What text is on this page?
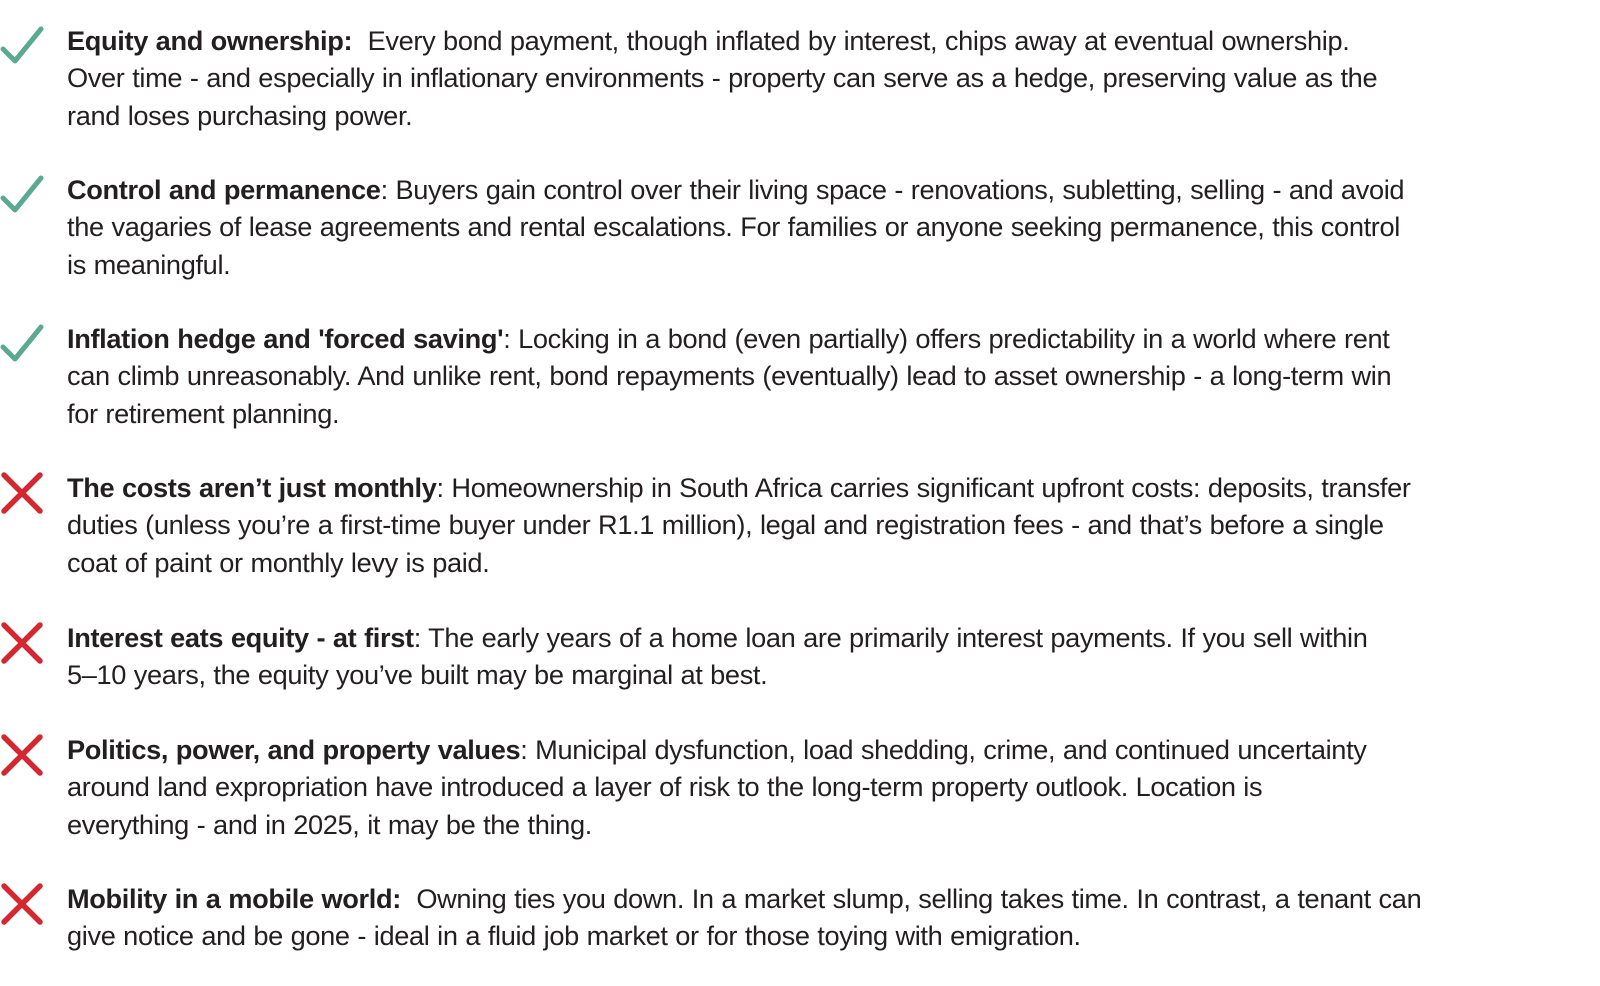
Equity and ownership: Every bond payment, though inflated by interest, chips away at eventual ownership.
Over time - and especially in inflationary environments - property can serve as a hedge, preserving value as the
rand loses purchasing power.
Control and permanence: Buyers gain control over their living space - renovations, subletting, selling - and avoid
the vagaries of lease agreements and rental escalations. For families or anyone seeking permanence, this control
is meaningful.
Inflation hedge and 'forced saving': Locking in a bond (even partially) offers predictability in a world where rent
can climb unreasonably. And unlike rent, bond repayments (eventually) lead to asset ownership - a long-term win
for retirement planning.
The costs aren’t just monthly: Homeownership in South Africa carries significant upfront costs: deposits, transfer
duties (unless you’re a first-time buyer under R1.1 million), legal and registration fees - and that’s before a single
coat of paint or monthly levy is paid.
Interest eats equity - at first: The early years of a home loan are primarily interest payments. If you sell within
5–10 years, the equity you’ve built may be marginal at best.
Politics, power, and property values: Municipal dysfunction, load shedding, crime, and continued uncertainty
around land expropriation have introduced a layer of risk to the long-term property outlook. Location is
everything - and in 2025, it may be the thing.
Mobility in a mobile world: Owning ties you down. In a market slump, selling takes time. In contrast, a tenant can
give notice and be gone - ideal in a fluid job market or for those toying with emigration.
